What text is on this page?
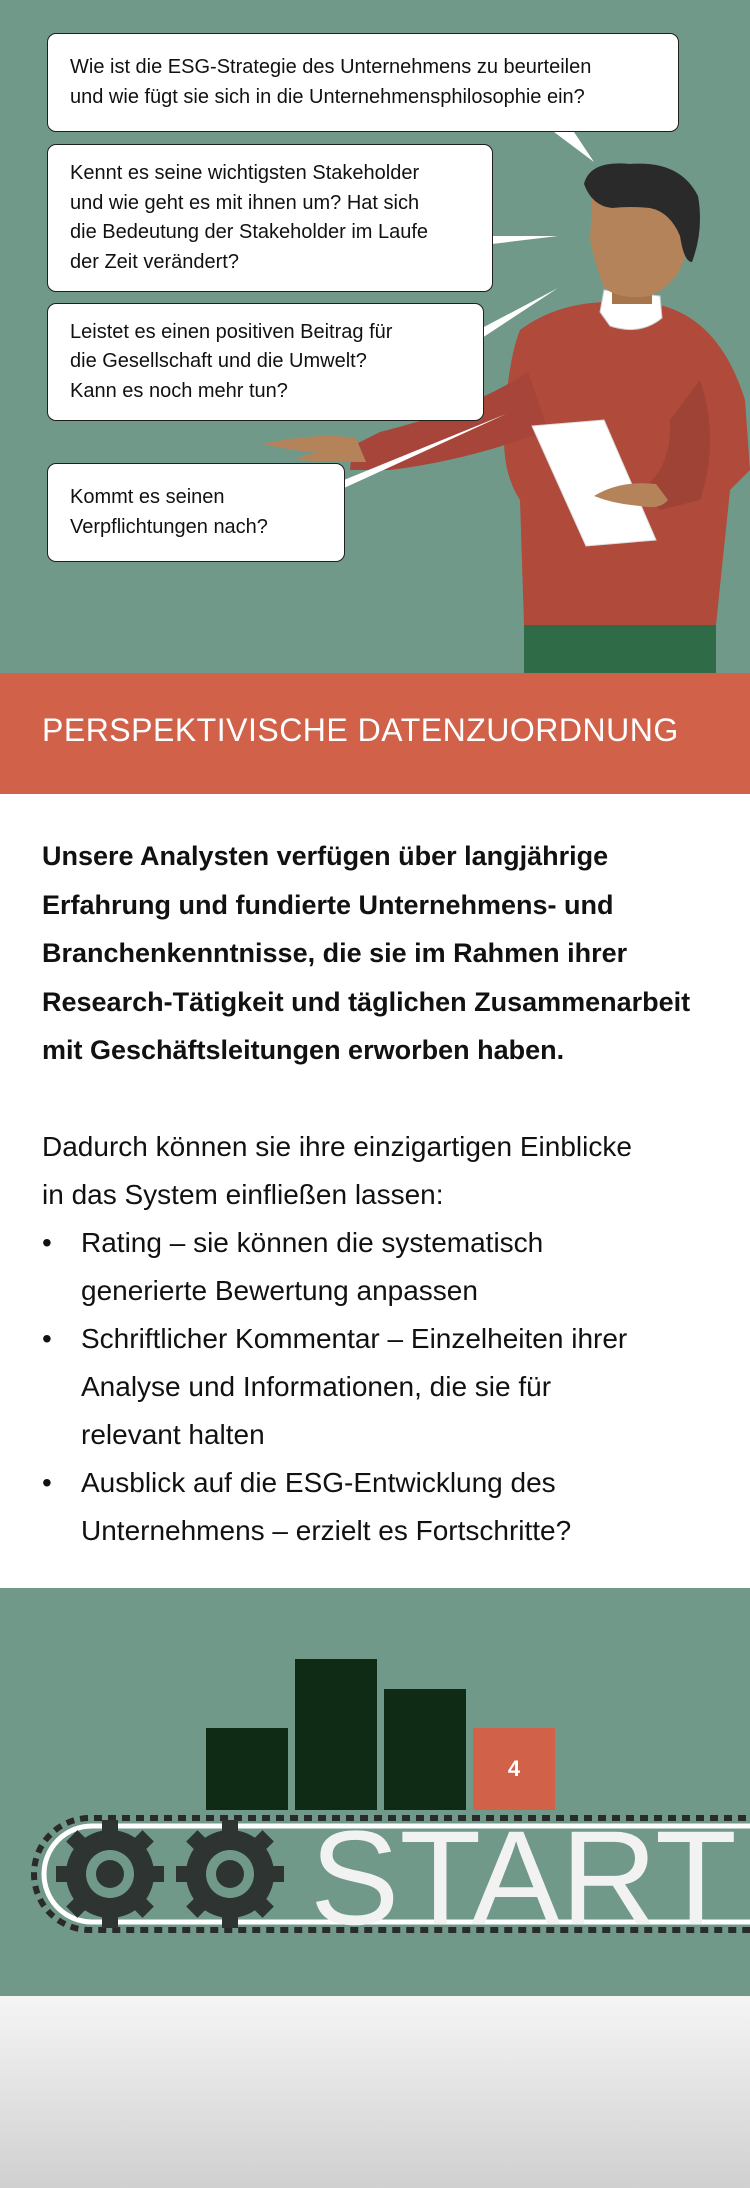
Wie ist die ESG-Strategie des Unternehmens zu beurteilen
und wie fügt sie sich in die Unternehmensphilosophie ein?
Kennt es seine wichtigsten Stakeholder
und wie geht es mit ihnen um? Hat sich
die Bedeutung der Stakeholder im Laufe
der Zeit verändert?
Leistet es einen positiven Beitrag für
die Gesellschaft und die Umwelt?
Kann es noch mehr tun?
Kommt es seinen
Verpflichtungen nach?
PERSPEKTIVISCHE DATENZUORDNUNG

Unsere Analysten verfügen über langjährige
Erfahrung und fundierte Unternehmens- und
Branchenkenntnisse, die sie im Rahmen ihrer
Research-Tätigkeit und täglichen Zusammenarbeit
mit Geschäftsleitungen erworben haben.

Dadurch können sie ihre einzigartigen Einblicke
in das System einfließen lassen:

• Rating – sie können die systematisch
generierte Bewertung anpassen
• Schriftlicher Kommentar – Einzelheiten ihrer
Analyse und Informationen, die sie für
relevant halten
• Ausblick auf die ESG-Entwicklung des
Unternehmens – erzielt es Fortschritte?
4
START
